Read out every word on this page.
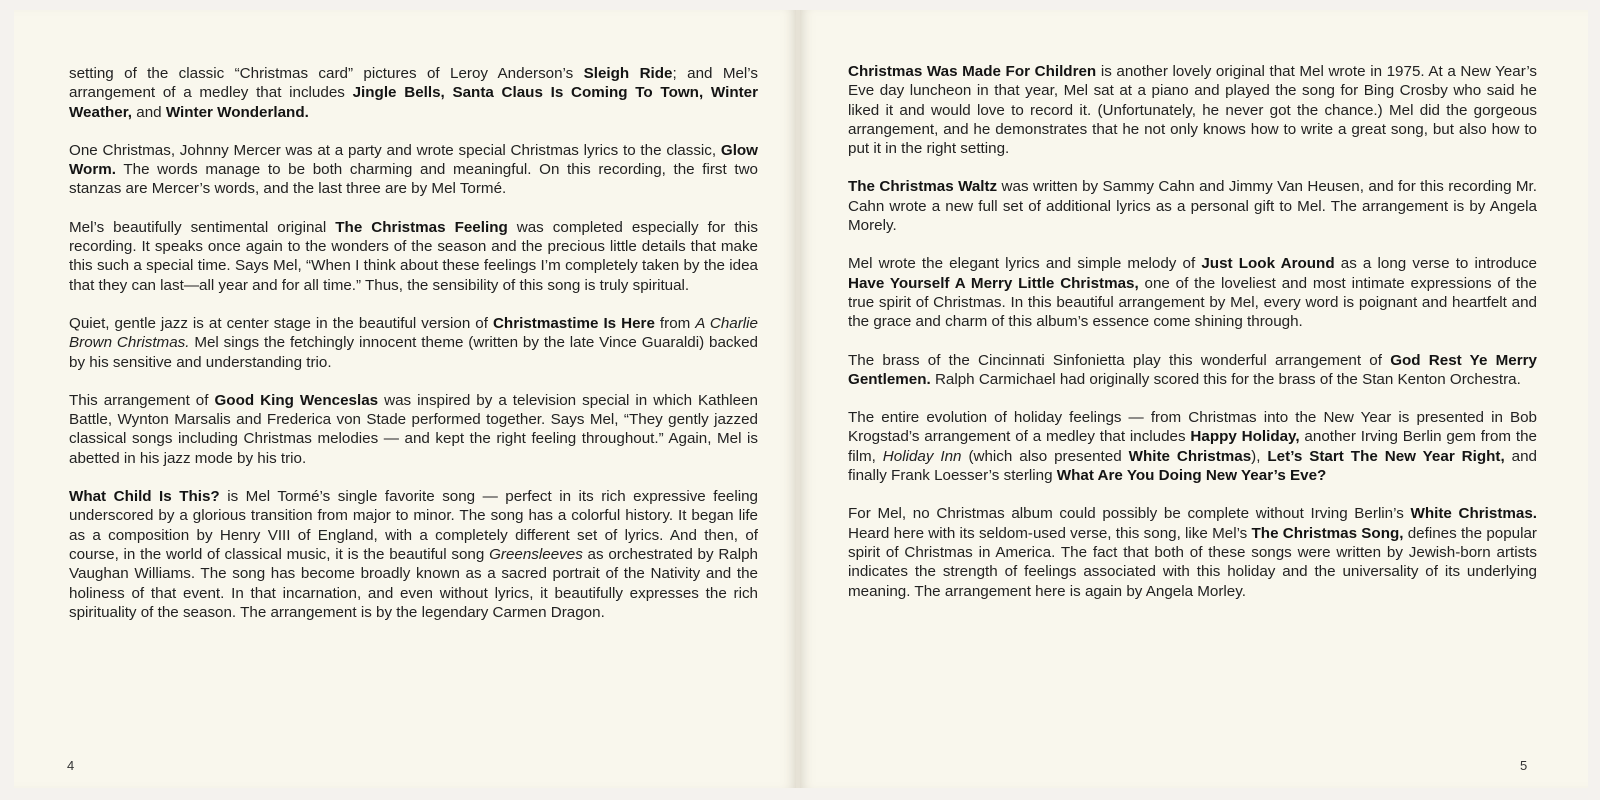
setting of the classic “Christmas card” pictures of Leroy Anderson’s Sleigh Ride; and Mel’s arrangement of a medley that includes Jingle Bells, Santa Claus Is Coming To Town, Winter Weather, and Winter Wonderland.

One Christmas, Johnny Mercer was at a party and wrote special Christmas lyrics to the classic, Glow Worm. The words manage to be both charming and meaningful. On this recording, the first two stanzas are Mercer’s words, and the last three are by Mel Tormé.

Mel’s beautifully sentimental original The Christmas Feeling was completed especially for this recording. It speaks once again to the wonders of the season and the precious little details that make this such a special time. Says Mel, “When I think about these feelings I’m completely taken by the idea that they can last—all year and for all time.” Thus, the sensibility of this song is truly spiritual.

Quiet, gentle jazz is at center stage in the beautiful version of Christmastime Is Here from A Charlie Brown Christmas. Mel sings the fetchingly innocent theme (written by the late Vince Guaraldi) backed by his sensitive and understanding trio.

This arrangement of Good King Wenceslas was inspired by a television special in which Kathleen Battle, Wynton Marsalis and Frederica von Stade performed together. Says Mel, “They gently jazzed classical songs including Christmas melodies — and kept the right feeling throughout.” Again, Mel is abetted in his jazz mode by his trio.

What Child Is This? is Mel Tormé’s single favorite song — perfect in its rich expressive feeling underscored by a glorious transition from major to minor. The song has a colorful history. It began life as a composition by Henry VIII of England, with a completely different set of lyrics. And then, of course, in the world of classical music, it is the beautiful song Greensleeves as orchestrated by Ralph Vaughan Williams. The song has become broadly known as a sacred portrait of the Nativity and the holiness of that event. In that incarnation, and even without lyrics, it beautifully expresses the rich spirituality of the season. The arrangement is by the legendary Carmen Dragon.

4

Christmas Was Made For Children is another lovely original that Mel wrote in 1975. At a New Year’s Eve day luncheon in that year, Mel sat at a piano and played the song for Bing Crosby who said he liked it and would love to record it. (Unfortunately, he never got the chance.) Mel did the gorgeous arrangement, and he demonstrates that he not only knows how to write a great song, but also how to put it in the right setting.

The Christmas Waltz was written by Sammy Cahn and Jimmy Van Heusen, and for this recording Mr. Cahn wrote a new full set of additional lyrics as a personal gift to Mel. The arrangement is by Angela Morely.

Mel wrote the elegant lyrics and simple melody of Just Look Around as a long verse to introduce Have Yourself A Merry Little Christmas, one of the loveliest and most intimate expressions of the true spirit of Christmas. In this beautiful arrangement by Mel, every word is poignant and heartfelt and the grace and charm of this album’s essence come shining through.

The brass of the Cincinnati Sinfonietta play this wonderful arrangement of God Rest Ye Merry Gentlemen. Ralph Carmichael had originally scored this for the brass of the Stan Kenton Orchestra.

The entire evolution of holiday feelings — from Christmas into the New Year is presented in Bob Krogstad’s arrangement of a medley that includes Happy Holiday, another Irving Berlin gem from the film, Holiday Inn (which also presented White Christmas), Let’s Start The New Year Right, and finally Frank Loesser’s sterling What Are You Doing New Year’s Eve?

For Mel, no Christmas album could possibly be complete without Irving Berlin’s White Christmas. Heard here with its seldom-used verse, this song, like Mel’s The Christmas Song, defines the popular spirit of Christmas in America. The fact that both of these songs were written by Jewish-born artists indicates the strength of feelings associated with this holiday and the universality of its underlying meaning. The arrangement here is again by Angela Morley.

5
